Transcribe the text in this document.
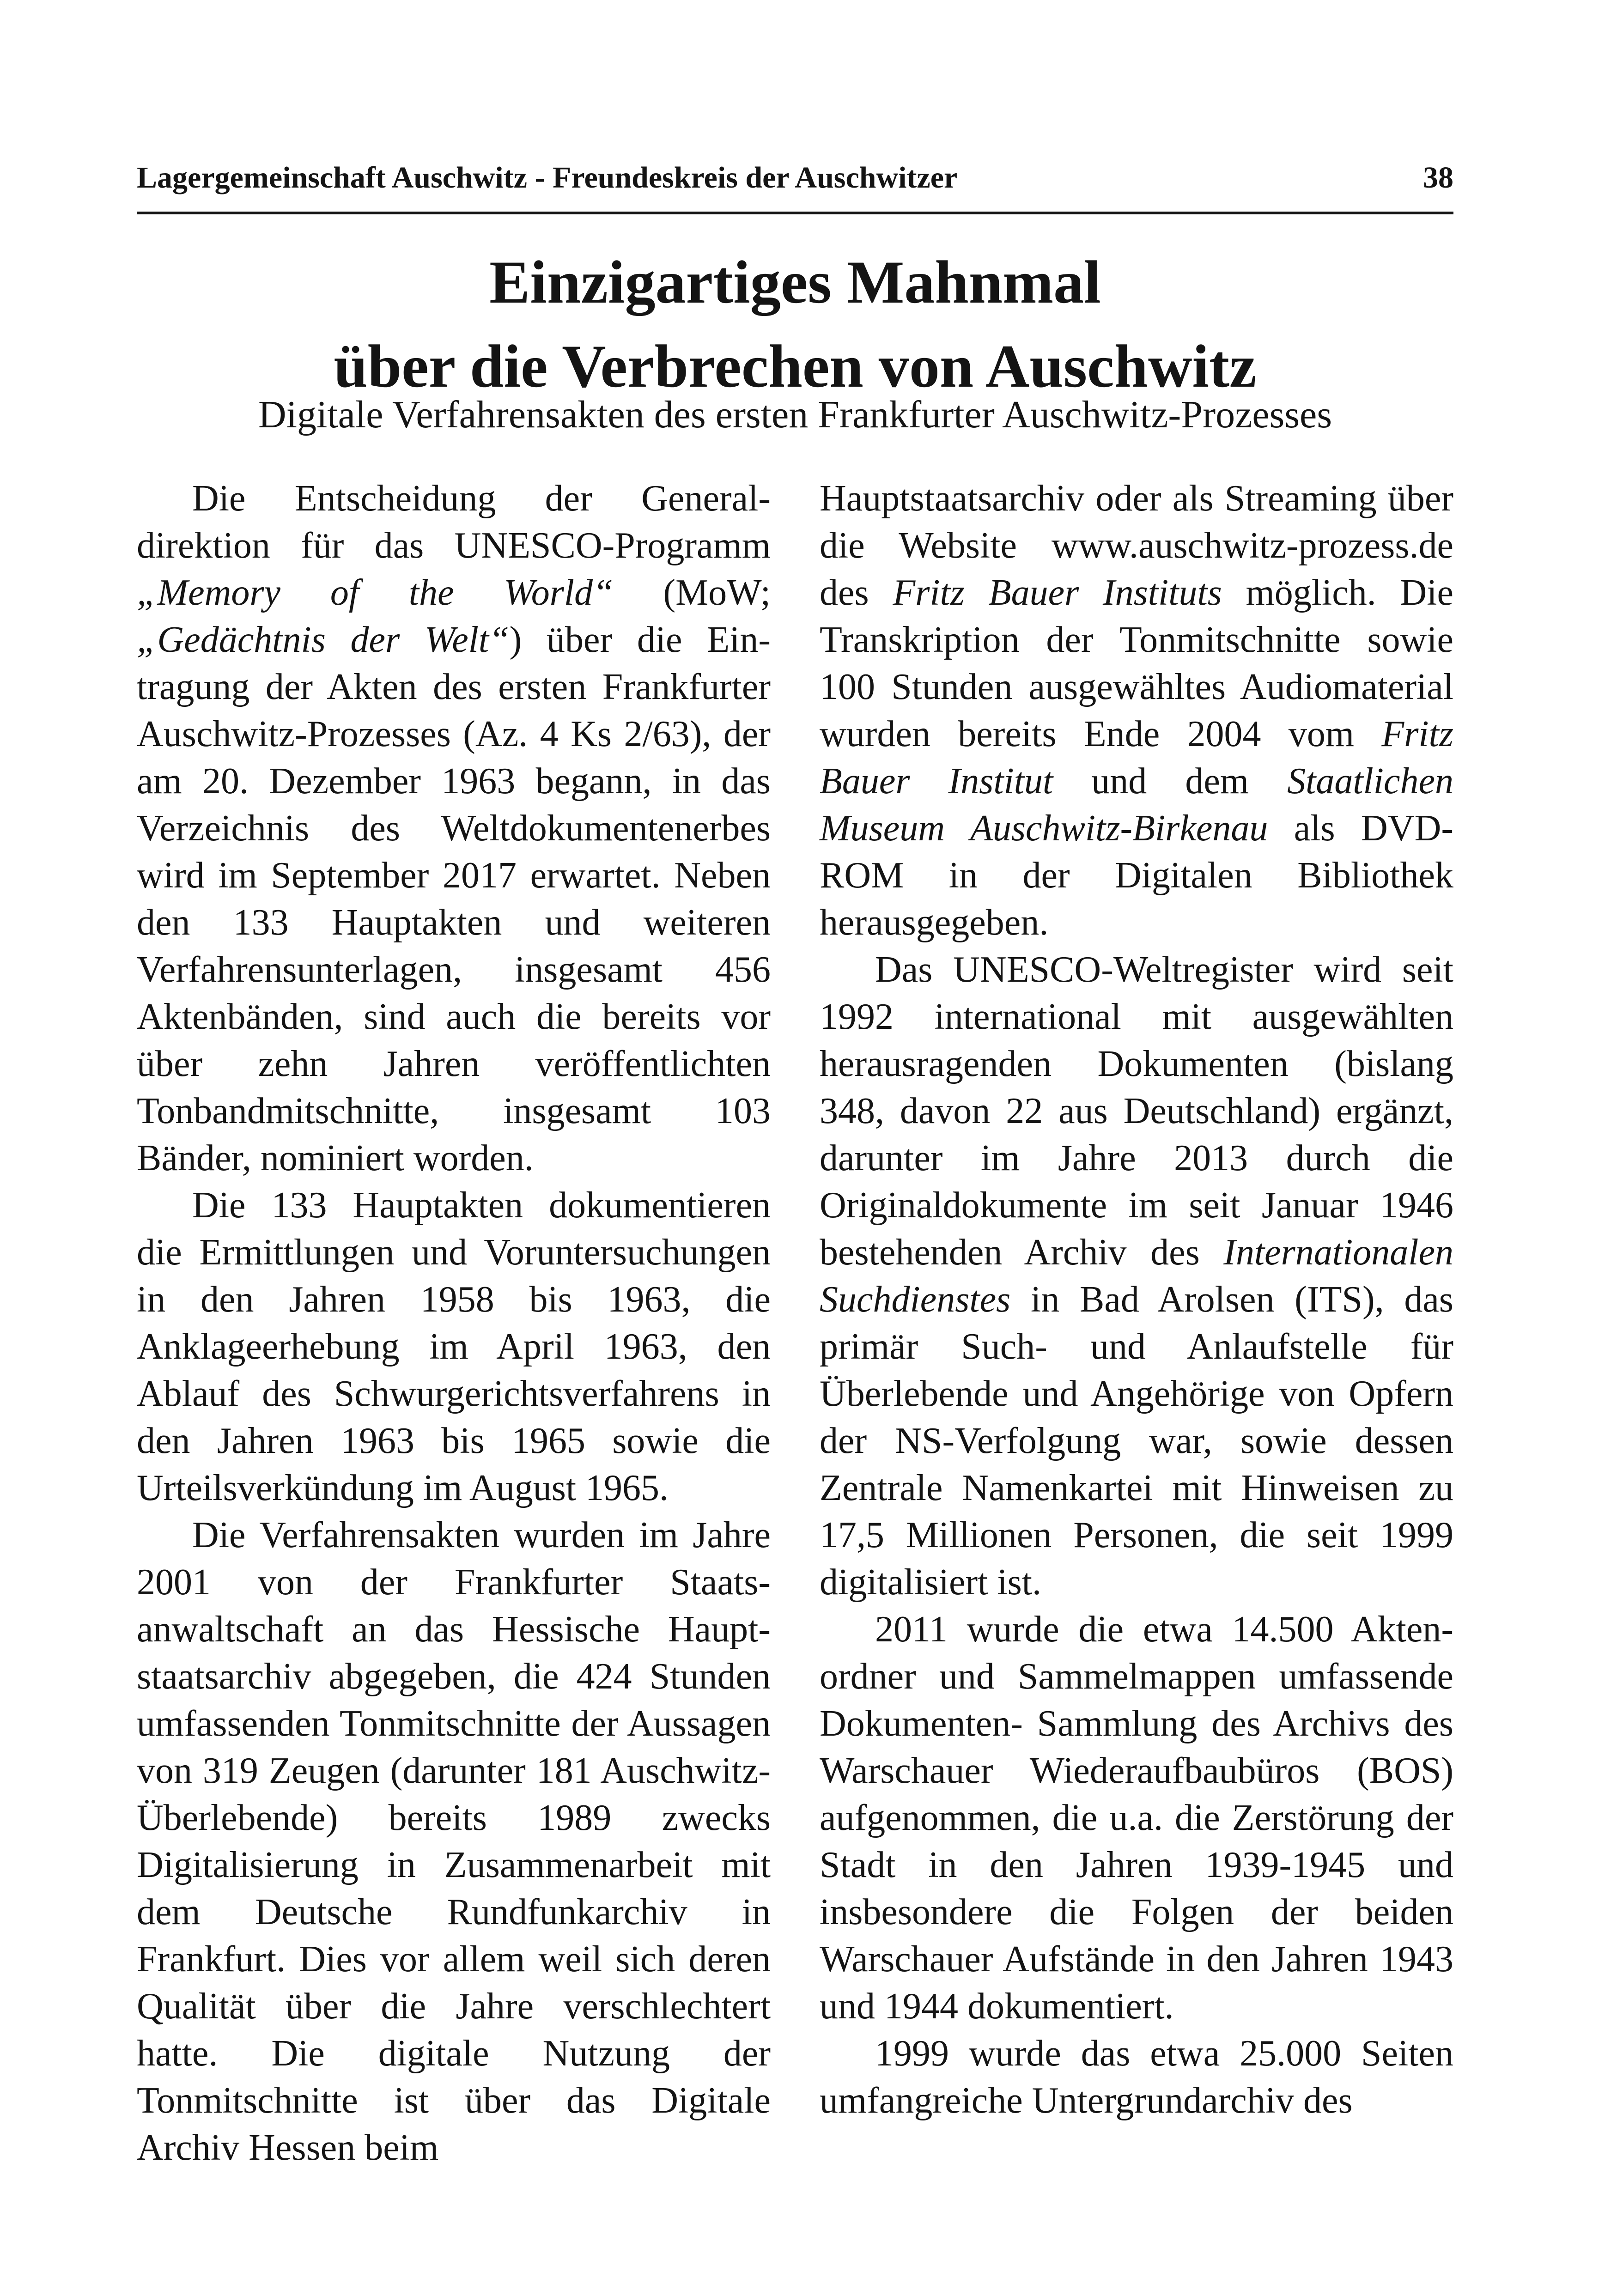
Lagergemeinschaft Auschwitz - Freundeskreis der Auschwitzer	38
Einzigartiges Mahnmal
über die Verbrechen von Auschwitz

Digitale Verfahrensakten des ersten Frankfurter Auschwitz-Prozesses

Die Entscheidung der Generaldirektion für das UNESCO-Programm „Memory of the World“ (MoW; „Gedächtnis der Welt“) über die Eintragung der Akten des ersten Frankfurter Auschwitz-Prozesses (Az. 4 Ks 2/63), der am 20. Dezember 1963 begann, in das Verzeichnis des Weltdokumentenerbes wird im September 2017 erwartet. Neben den 133 Hauptakten und weiteren Verfahrensunterlagen, insgesamt 456 Aktenbänden, sind auch die bereits vor über zehn Jahren veröffentlichten Tonbandmitschnitte, insgesamt 103 Bänder, nominiert worden.

Die 133 Hauptakten dokumentieren die Ermittlungen und Voruntersuchungen in den Jahren 1958 bis 1963, die Anklageerhebung im April 1963, den Ablauf des Schwurgerichtsverfahrens in den Jahren 1963 bis 1965 sowie die Urteilsverkündung im August 1965.

Die Verfahrensakten wurden im Jahre 2001 von der Frankfurter Staatsanwaltschaft an das Hessische Hauptstaatsarchiv abgegeben, die 424 Stunden umfassenden Tonmitschnitte der Aussagen von 319 Zeugen (darunter 181 Auschwitz-Überlebende) bereits 1989 zwecks Digitalisierung in Zusammenarbeit mit dem Deutsche Rundfunkarchiv in Frankfurt. Dies vor allem weil sich deren Qualität über die Jahre verschlechtert hatte. Die digitale Nutzung der Tonmitschnitte ist über das Digitale Archiv Hessen beim

Hauptstaatsarchiv oder als Streaming über die Website www.auschwitz-prozess.de des Fritz Bauer Instituts möglich. Die Transkription der Tonmitschnitte sowie 100 Stunden ausgewähltes Audiomaterial wurden bereits Ende 2004 vom Fritz Bauer Institut und dem Staatlichen Museum Auschwitz-Birkenau als DVD-ROM in der Digitalen Bibliothek herausgegeben.

Das UNESCO-Weltregister wird seit 1992 international mit ausgewählten herausragenden Dokumenten (bislang 348, davon 22 aus Deutschland) ergänzt, darunter im Jahre 2013 durch die Originaldokumente im seit Januar 1946 bestehenden Archiv des Internationalen Suchdienstes in Bad Arolsen (ITS), das primär Such- und Anlaufstelle für Überlebende und Angehörige von Opfern der NS-Verfolgung war, sowie dessen Zentrale Namenkartei mit Hinweisen zu 17,5 Millionen Personen, die seit 1999 digitalisiert ist.

2011 wurde die etwa 14.500 Aktenordner und Sammelmappen umfassende Dokumenten- Sammlung des Archivs des Warschauer Wiederaufbaubüros (BOS) aufgenommen, die u.a. die Zerstörung der Stadt in den Jahren 1939-1945 und insbesondere die Folgen der beiden Warschauer Aufstände in den Jahren 1943 und 1944 dokumentiert.

1999 wurde das etwa 25.000 Seiten umfangreiche Untergrundarchiv des
